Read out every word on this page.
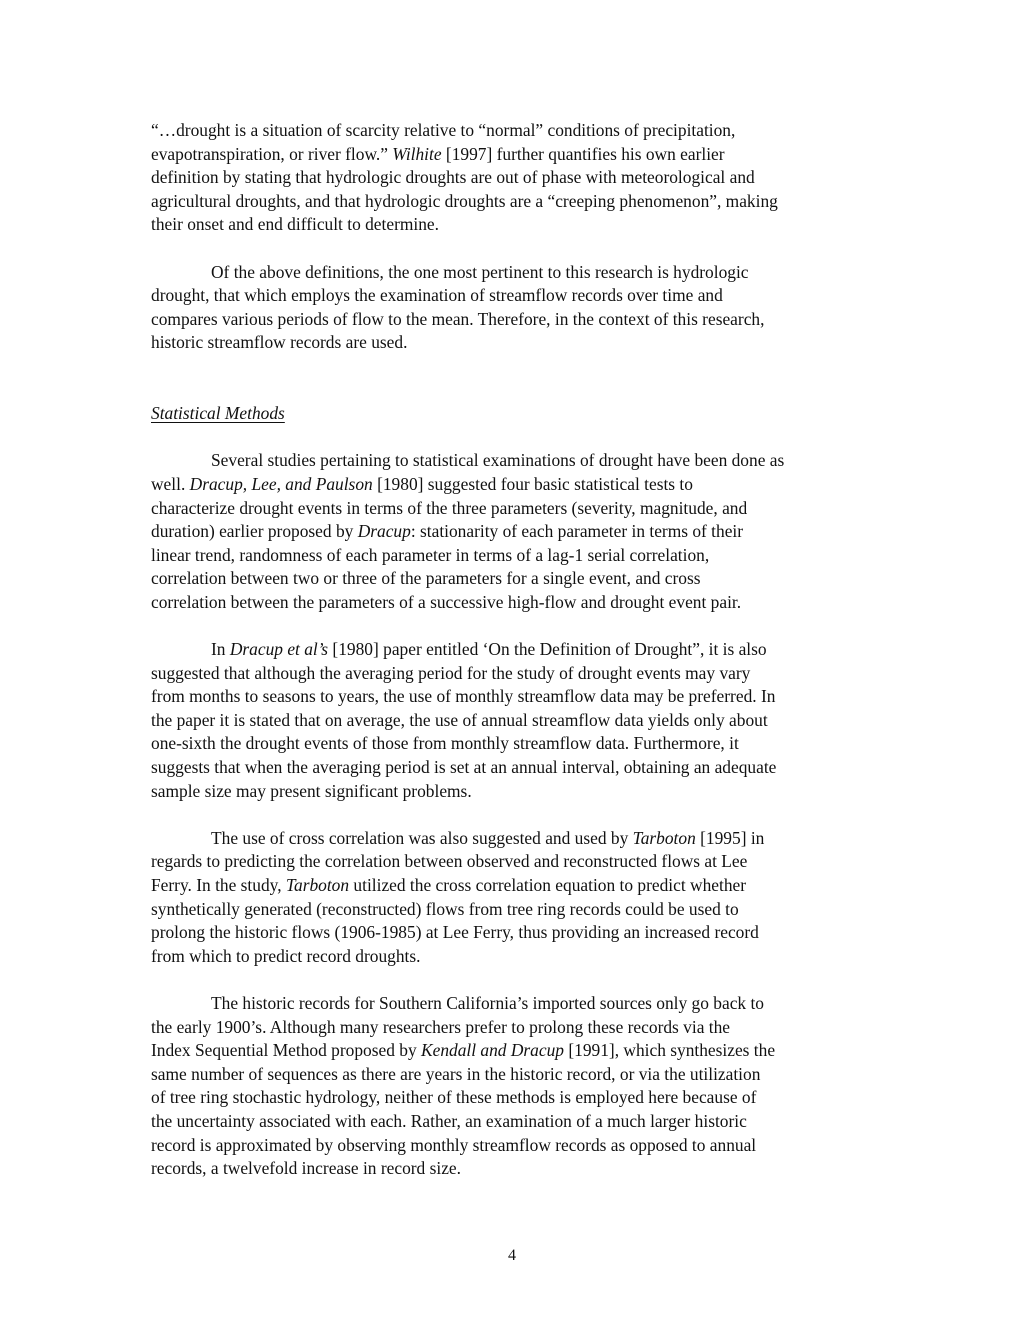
“…drought is a situation of scarcity relative to “normal” conditions of precipitation,
evapotranspiration, or river flow.” Wilhite [1997] further quantifies his own earlier
definition by stating that hydrologic droughts are out of phase with meteorological and
agricultural droughts, and that hydrologic droughts are a “creeping phenomenon”, making
their onset and end difficult to determine.
Of the above definitions, the one most pertinent to this research is hydrologic
drought, that which employs the examination of streamflow records over time and
compares various periods of flow to the mean. Therefore, in the context of this research,
historic streamflow records are used.
Statistical Methods
Several studies pertaining to statistical examinations of drought have been done as
well. Dracup, Lee, and Paulson [1980] suggested four basic statistical tests to
characterize drought events in terms of the three parameters (severity, magnitude, and
duration) earlier proposed by Dracup: stationarity of each parameter in terms of their
linear trend, randomness of each parameter in terms of a lag-1 serial correlation,
correlation between two or three of the parameters for a single event, and cross
correlation between the parameters of a successive high-flow and drought event pair.
In Dracup et al’s [1980] paper entitled ‘On the Definition of Drought”, it is also
suggested that although the averaging period for the study of drought events may vary
from months to seasons to years, the use of monthly streamflow data may be preferred. In
the paper it is stated that on average, the use of annual streamflow data yields only about
one-sixth the drought events of those from monthly streamflow data. Furthermore, it
suggests that when the averaging period is set at an annual interval, obtaining an adequate
sample size may present significant problems.
The use of cross correlation was also suggested and used by Tarboton [1995] in
regards to predicting the correlation between observed and reconstructed flows at Lee
Ferry. In the study, Tarboton utilized the cross correlation equation to predict whether
synthetically generated (reconstructed) flows from tree ring records could be used to
prolong the historic flows (1906-1985) at Lee Ferry, thus providing an increased record
from which to predict record droughts.
The historic records for Southern California’s imported sources only go back to
the early 1900’s. Although many researchers prefer to prolong these records via the
Index Sequential Method proposed by Kendall and Dracup [1991], which synthesizes the
same number of sequences as there are years in the historic record, or via the utilization
of tree ring stochastic hydrology, neither of these methods is employed here because of
the uncertainty associated with each. Rather, an examination of a much larger historic
record is approximated by observing monthly streamflow records as opposed to annual
records, a twelvefold increase in record size.
4
